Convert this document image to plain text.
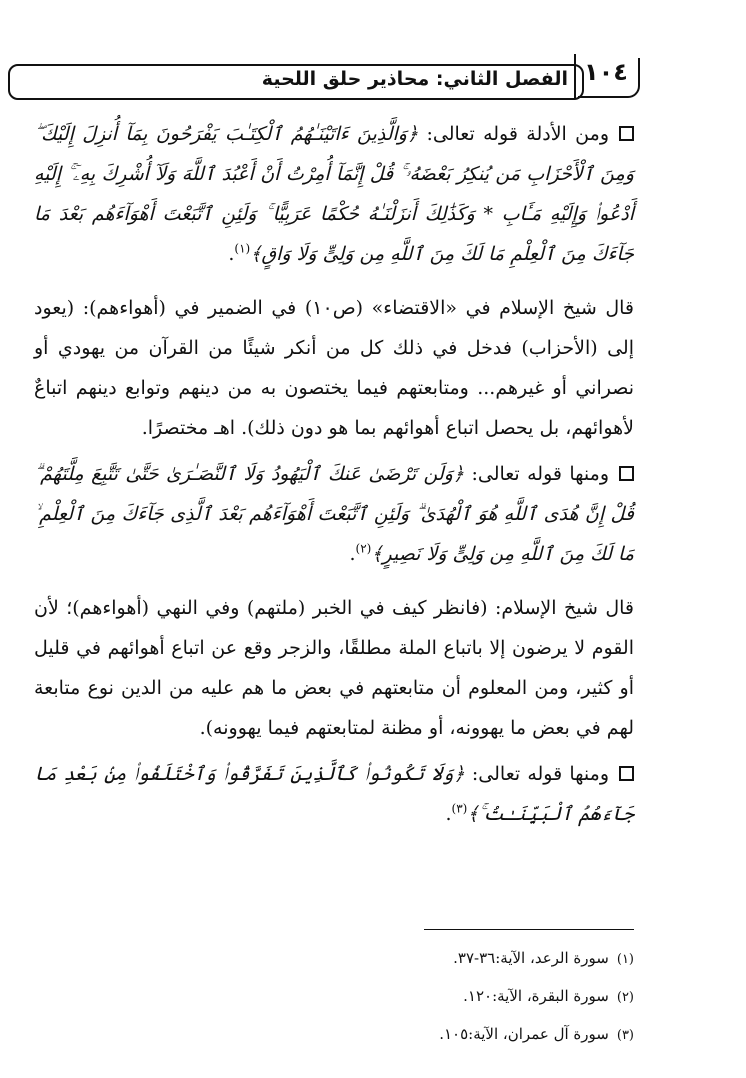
الفصل الثاني: محاذير حلق اللحية ١٠٤

ومن الأدلة قوله تعالى: ﴿وَالَّذِينَ ءَاتَيْنَـٰهُمُ ٱلْكِتَـٰبَ يَفْرَحُونَ بِمَآ أُنزِلَ إِلَيْكَ ۖ وَمِنَ ٱلْأَحْزَابِ مَن يُنكِرُ بَعْضَهُۥ ۚ قُلْ إِنَّمَآ أُمِرْتُ أَنْ أَعْبُدَ ٱللَّهَ وَلَآ أُشْرِكَ بِهِۦٓ ۚ إِلَيْهِ أَدْعُوا۟ وَإِلَيْهِ مَـَٔابِ * وَكَذَٰلِكَ أَنزَلْنَـٰهُ حُكْمًا عَرَبِيًّا ۚ وَلَئِنِ ٱتَّبَعْتَ أَهْوَآءَهُم بَعْدَ مَا جَآءَكَ مِنَ ٱلْعِلْمِ مَا لَكَ مِنَ ٱللَّهِ مِن وَلِىٍّ وَلَا وَاقٍ﴾$^{(١)}$.

قال شيخ الإسلام في «الاقتضاء» (ص١٠) في الضمير في (أهواءهم): (يعود إلى (الأحزاب) فدخل في ذلك كل من أنكر شيئًا من القرآن من يهودي أو نصراني أو غيرهم... ومتابعتهم فيما يختصون به من دينهم وتوابع دينهم اتباعٌ لأهوائهم، بل يحصل اتباع أهوائهم بما هو دون ذلك). اهـ مختصرًا.

ومنها قوله تعالى: ﴿وَلَن تَرْضَىٰ عَنكَ ٱلْيَهُودُ وَلَا ٱلنَّصَـٰرَىٰ حَتَّىٰ تَتَّبِعَ مِلَّتَهُمْ ۗ قُلْ إِنَّ هُدَى ٱللَّهِ هُوَ ٱلْهُدَىٰ ۗ وَلَئِنِ ٱتَّبَعْتَ أَهْوَآءَهُم بَعْدَ ٱلَّذِى جَآءَكَ مِنَ ٱلْعِلْمِ ۙ مَا لَكَ مِنَ ٱللَّهِ مِن وَلِىٍّ وَلَا نَصِيرٍ﴾$^{(٢)}$.

قال شيخ الإسلام: (فانظر كيف في الخبر (ملتهم) وفي النهي (أهواءهم)؛ لأن القوم لا يرضون إلا باتباع الملة مطلقًا، والزجر وقع عن اتباع أهوائهم في قليل أو كثير، ومن المعلوم أن متابعتهم في بعض ما هم عليه من الدين نوع متابعة لهم في بعض ما يهوونه، أو مظنة لمتابعتهم فيما يهوونه).

ومنها قوله تعالى: ﴿وَلَا تَكُونُوا۟ كَٱلَّذِينَ تَفَرَّقُوا۟ وَٱخْتَلَفُوا۟ مِنۢ بَعْدِ مَا جَآءَهُمُ ٱلْبَيِّنَـٰتُ ۚ﴾$^{(٣)}$.

(١)سورة الرعد، الآية:٣٦-٣٧.
(٢)سورة البقرة، الآية:١٢٠.
(٣)سورة آل عمران، الآية:١٠٥.
